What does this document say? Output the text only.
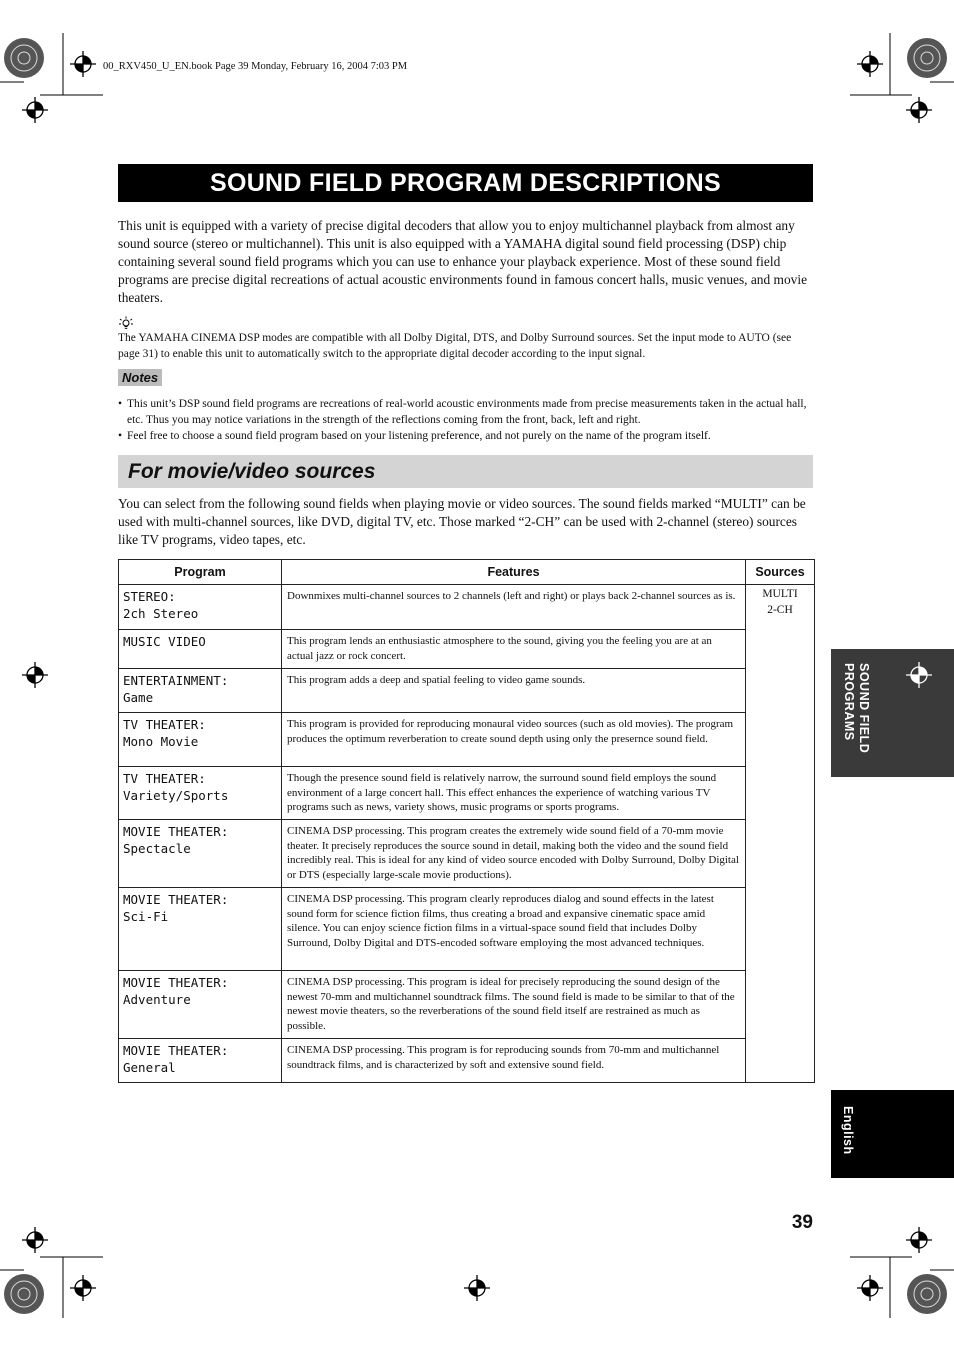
00_RXV450_U_EN.book Page 39 Monday, February 16, 2004 7:03 PM
SOUND FIELD PROGRAM DESCRIPTIONS

This unit is equipped with a variety of precise digital decoders that allow you to enjoy multichannel playback from almost any sound source (stereo or multichannel). This unit is also equipped with a YAMAHA digital sound field processing (DSP) chip containing several sound field programs which you can use to enhance your playback experience. Most of these sound field programs are precise digital recreations of actual acoustic environments found in famous concert halls, music venues, and movie theaters.

The YAMAHA CINEMA DSP modes are compatible with all Dolby Digital, DTS, and Dolby Surround sources. Set the input mode to AUTO (see page 31) to enable this unit to automatically switch to the appropriate digital decoder according to the input signal.
Notes
• This unit’s DSP sound field programs are recreations of real-world acoustic environments made from precise measurements taken in the actual hall, etc. Thus you may notice variations in the strength of the reflections coming from the front, back, left and right.
• Feel free to choose a sound field program based on your listening preference, and not purely on the name of the program itself.
For movie/video sources
You can select from the following sound fields when playing movie or video sources. The sound fields marked “MULTI” can be used with multi-channel sources, like DVD, digital TV, etc. Those marked “2-CH” can be used with 2-channel (stereo) sources like TV programs, video tapes, etc.
Program	Features	Sources

STEREO:
2ch Stereo	Downmixes multi-channel sources to 2 channels (left and right) or plays back 2-channel sources as is.	MULTI
2-CH

MUSIC VIDEO	This program lends an enthusiastic atmosphere to the sound, giving you the feeling you are at an actual jazz or rock concert.	

ENTERTAINMENT:
Game	This program adds a deep and spatial feeling to video game sounds.	

TV THEATER:
Mono Movie	This program is provided for reproducing monaural video sources (such as old movies). The program produces the optimum reverberation to create sound depth using only the presernce sound field.	

TV THEATER:
Variety/Sports	Though the presence sound field is relatively narrow, the surround sound field employs the sound environment of a large concert hall. This effect enhances the experience of watching various TV programs such as news, variety shows, music programs or sports programs.	

MOVIE THEATER:
Spectacle	CINEMA DSP processing. This program creates the extremely wide sound field of a 70-mm movie theater. It precisely reproduces the source sound in detail, making both the video and the sound field incredibly real. This is ideal for any kind of video source encoded with Dolby Surround, Dolby Digital or DTS (especially large-scale movie productions).	

MOVIE THEATER:
Sci-Fi	CINEMA DSP processing. This program clearly reproduces dialog and sound effects in the latest sound form for science fiction films, thus creating a broad and expansive cinematic space amid silence. You can enjoy science fiction films in a virtual-space sound field that includes Dolby Surround, Dolby Digital and DTS-encoded software employing the most advanced techniques.	

MOVIE THEATER:
Adventure	CINEMA DSP processing. This program is ideal for precisely reproducing the sound design of the newest 70-mm and multichannel soundtrack films. The sound field is made to be similar to that of the newest movie theaters, so the reverberations of the sound field itself are restrained as much as possible.	

MOVIE THEATER:
General	CINEMA DSP processing. This program is for reproducing sounds from 70-mm and multichannel soundtrack films, and is characterized by soft and extensive sound field.	
SOUND FIELD
PROGRAMS
English
39
